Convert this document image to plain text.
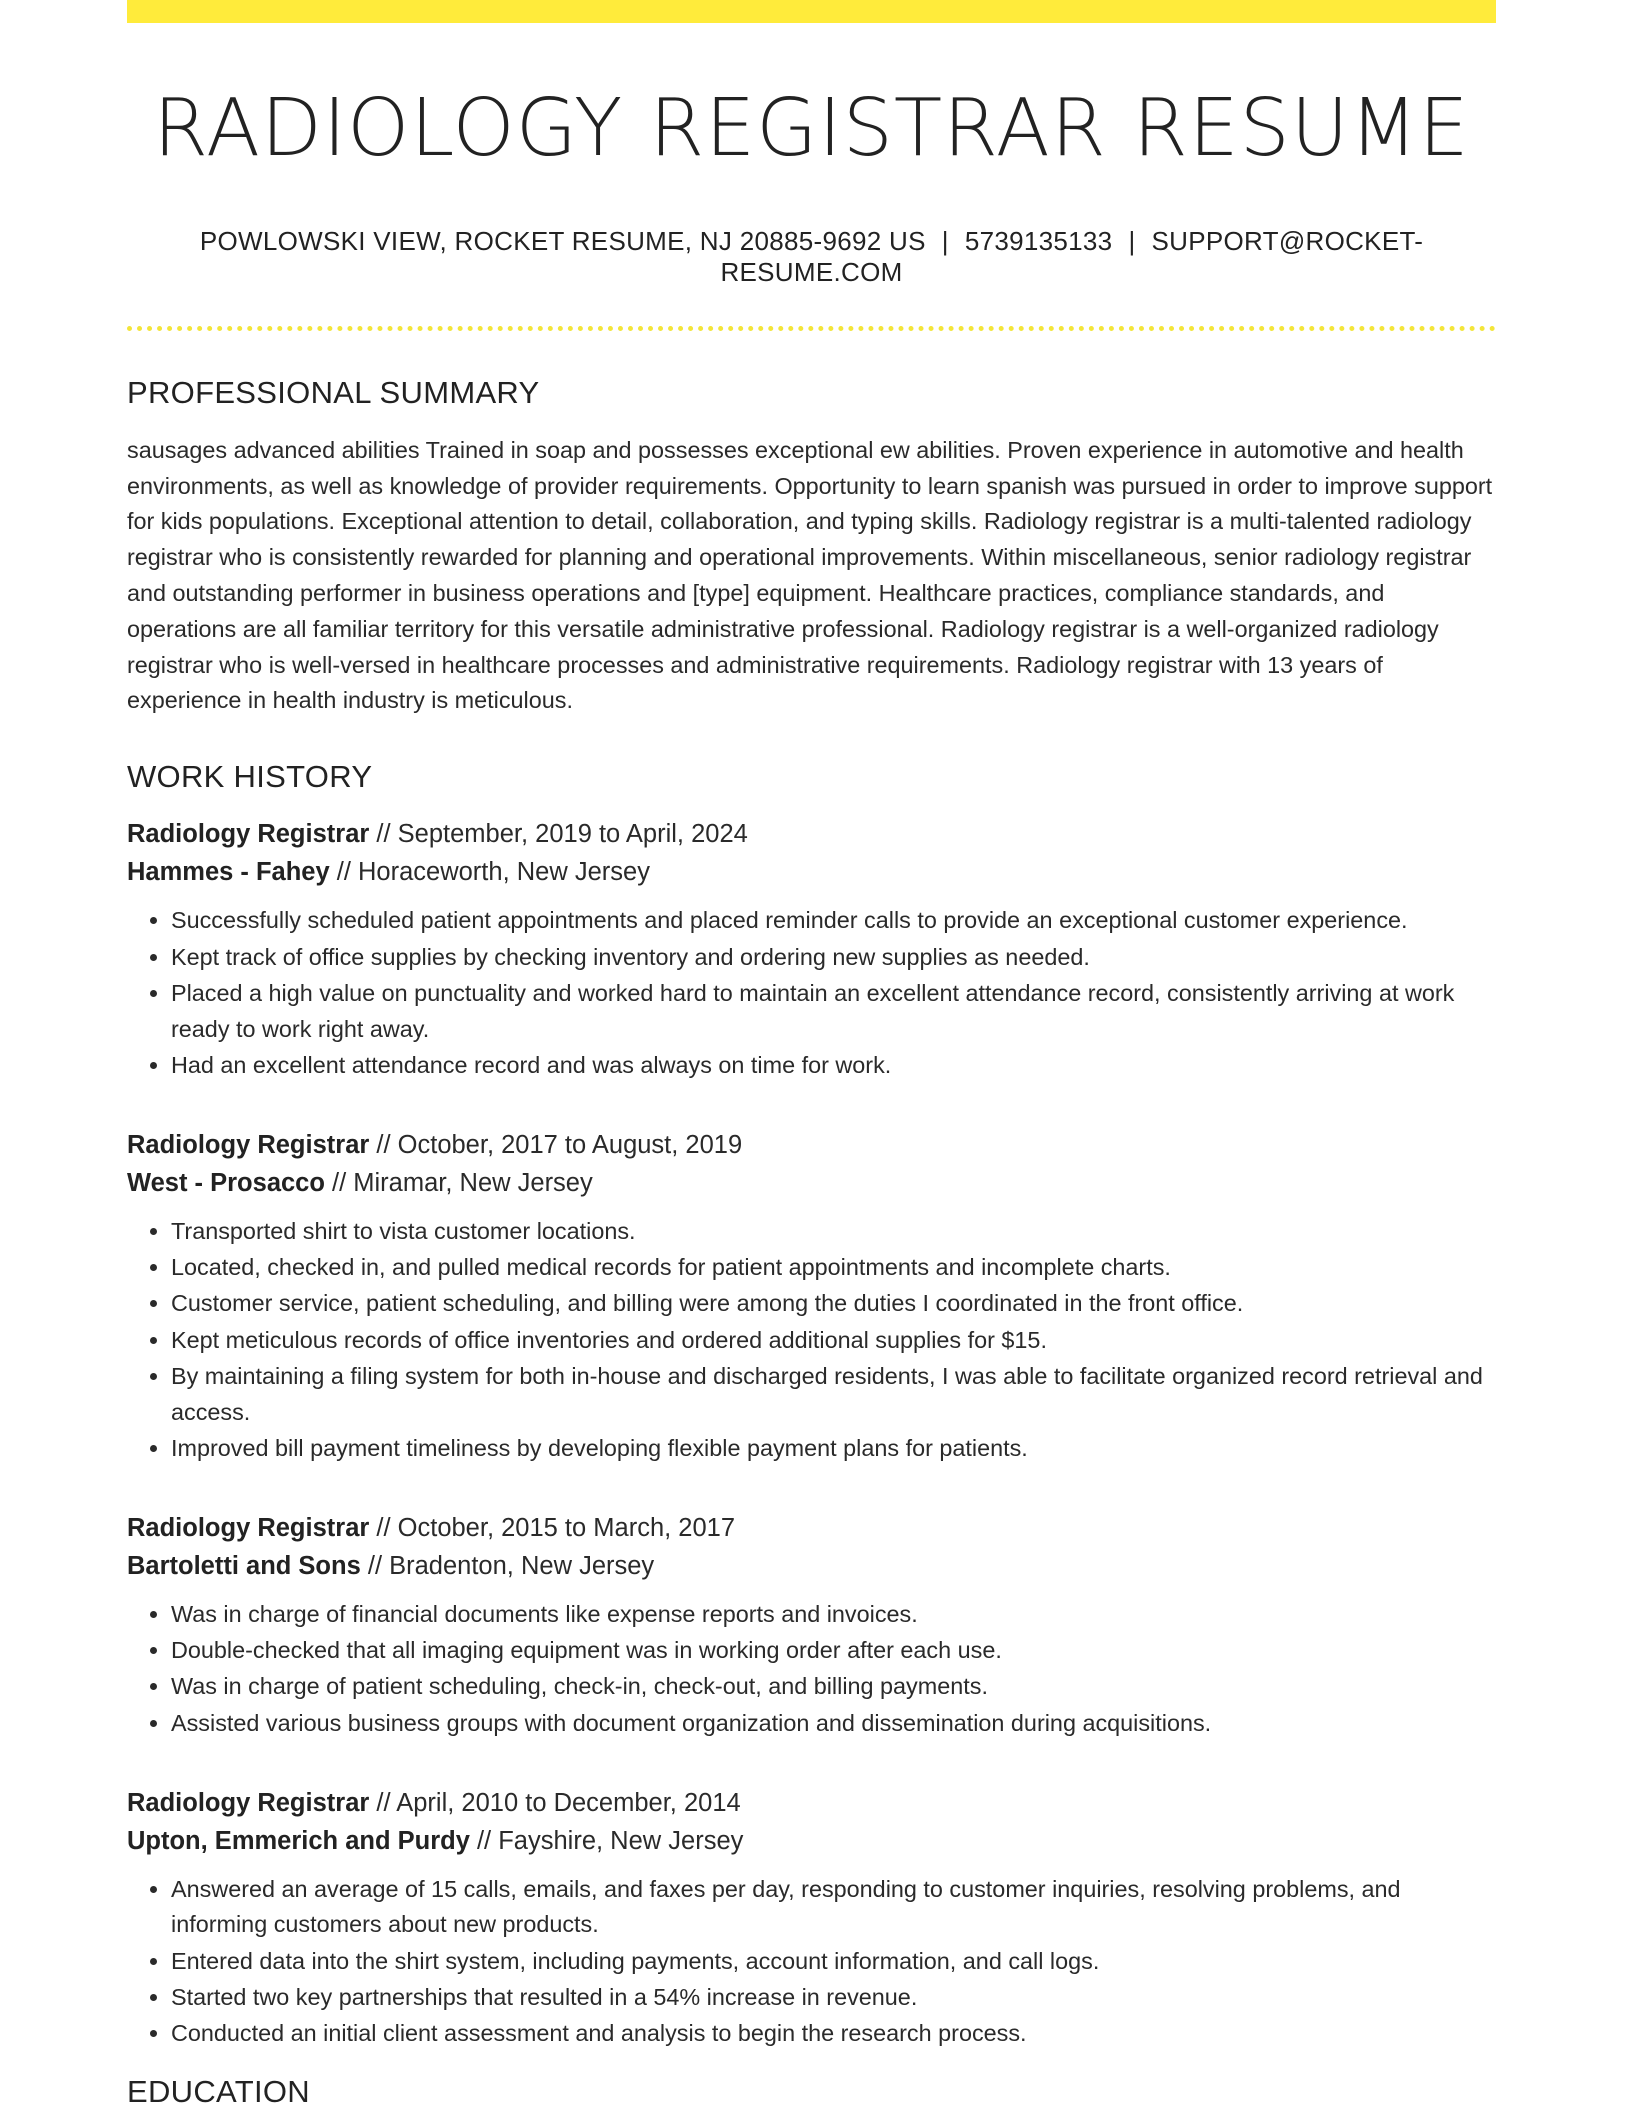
RADIOLOGY REGISTRAR RESUME
POWLOWSKI VIEW, ROCKET RESUME, NJ 20885-9692 US | 5739135133 | SUPPORT@ROCKET-RESUME.COM
PROFESSIONAL SUMMARY
sausages advanced abilities Trained in soap and possesses exceptional ew abilities. Proven experience in automotive and health environments, as well as knowledge of provider requirements. Opportunity to learn spanish was pursued in order to improve support for kids populations. Exceptional attention to detail, collaboration, and typing skills. Radiology registrar is a multi-talented radiology registrar who is consistently rewarded for planning and operational improvements. Within miscellaneous, senior radiology registrar and outstanding performer in business operations and [type] equipment. Healthcare practices, compliance standards, and operations are all familiar territory for this versatile administrative professional. Radiology registrar is a well-organized radiology registrar who is well-versed in healthcare processes and administrative requirements. Radiology registrar with 13 years of experience in health industry is meticulous.
WORK HISTORY
Radiology Registrar // September, 2019 to April, 2024
Hammes - Fahey // Horaceworth, New Jersey
• Successfully scheduled patient appointments and placed reminder calls to provide an exceptional customer experience.
• Kept track of office supplies by checking inventory and ordering new supplies as needed.
• Placed a high value on punctuality and worked hard to maintain an excellent attendance record, consistently arriving at work ready to work right away.
• Had an excellent attendance record and was always on time for work.
Radiology Registrar // October, 2017 to August, 2019
West - Prosacco // Miramar, New Jersey
• Transported shirt to vista customer locations.
• Located, checked in, and pulled medical records for patient appointments and incomplete charts.
• Customer service, patient scheduling, and billing were among the duties I coordinated in the front office.
• Kept meticulous records of office inventories and ordered additional supplies for $15.
• By maintaining a filing system for both in-house and discharged residents, I was able to facilitate organized record retrieval and access.
• Improved bill payment timeliness by developing flexible payment plans for patients.
Radiology Registrar // October, 2015 to March, 2017
Bartoletti and Sons // Bradenton, New Jersey
• Was in charge of financial documents like expense reports and invoices.
• Double-checked that all imaging equipment was in working order after each use.
• Was in charge of patient scheduling, check-in, check-out, and billing payments.
• Assisted various business groups with document organization and dissemination during acquisitions.
Radiology Registrar // April, 2010 to December, 2014
Upton, Emmerich and Purdy // Fayshire, New Jersey
• Answered an average of 15 calls, emails, and faxes per day, responding to customer inquiries, resolving problems, and informing customers about new products.
• Entered data into the shirt system, including payments, account information, and call logs.
• Started two key partnerships that resulted in a 54% increase in revenue.
• Conducted an initial client assessment and analysis to begin the research process.
EDUCATION
